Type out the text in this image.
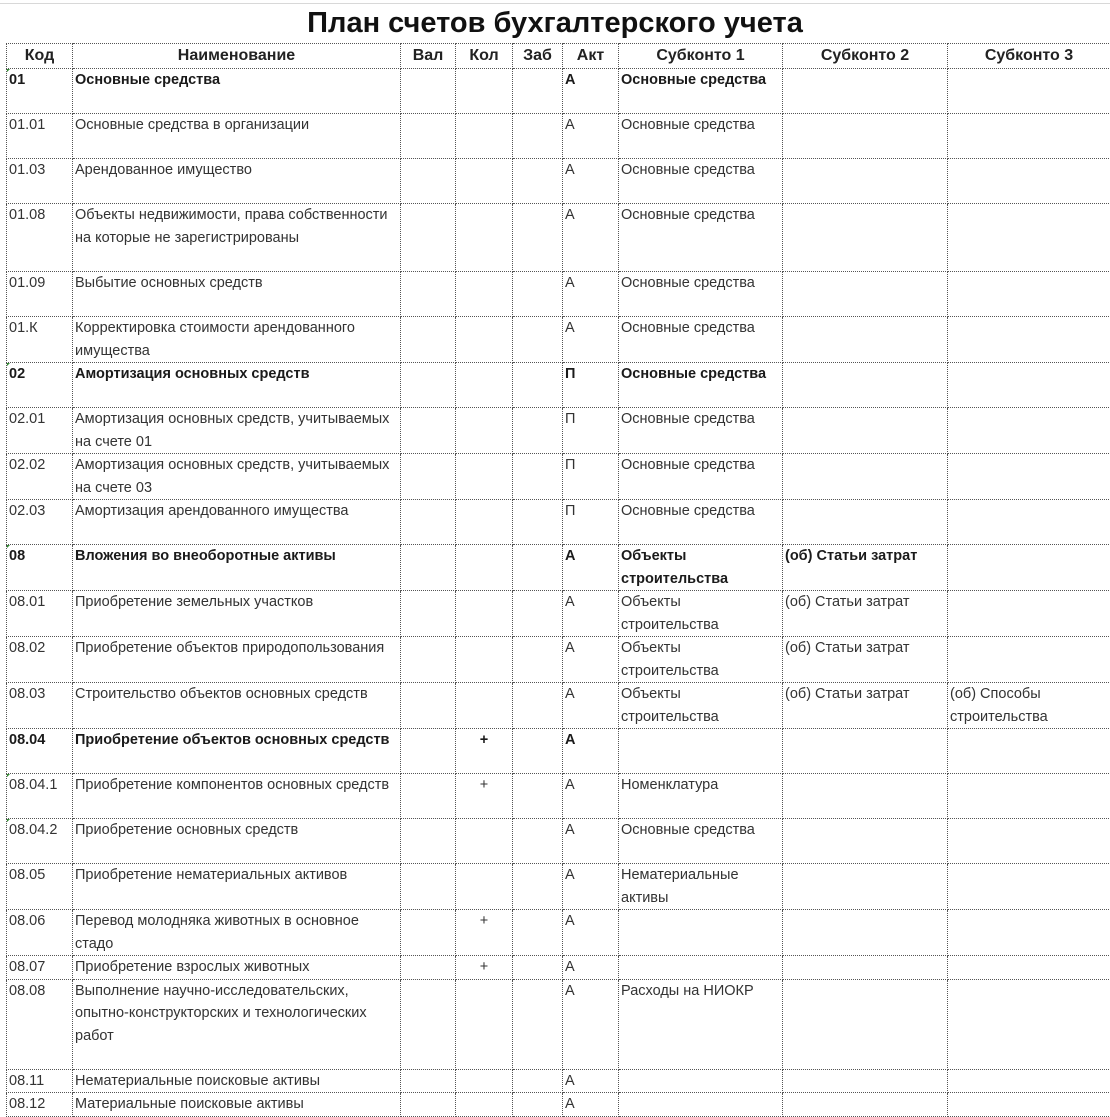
План счетов бухгалтерского учета
Код	Наименование	Вал	Кол	Заб	Акт	Субконто 1	Субконто 2	Субконто 3
01	Основные средства				А	Основные средства		
01.01	Основные средства в организации				А	Основные средства		
01.03	Арендованное имущество				А	Основные средства		
01.08	Объекты недвижимости, права собственности на которые не зарегистрированы				А	Основные средства		
01.09	Выбытие основных средств				А	Основные средства		
01.К	Корректировка стоимости арендованного имущества				А	Основные средства		
02	Амортизация основных средств				П	Основные средства		
02.01	Амортизация основных средств, учитываемых на счете 01				П	Основные средства		
02.02	Амортизация основных средств, учитываемых на счете 03				П	Основные средства		
02.03	Амортизация арендованного имущества				П	Основные средства		
08	Вложения во внеоборотные активы				А	Объекты строительства	(об) Статьи затрат	
08.01	Приобретение земельных участков				А	Объекты строительства	(об) Статьи затрат	
08.02	Приобретение объектов природопользования				А	Объекты строительства	(об) Статьи затрат	
08.03	Строительство объектов основных средств				А	Объекты строительства	(об) Статьи затрат	(об) Способы строительства
08.04	Приобретение объектов основных средств		+		А			
08.04.1	Приобретение компонентов основных средств		+		А	Номенклатура		
08.04.2	Приобретение основных средств				А	Основные средства		
08.05	Приобретение нематериальных активов				А	Нематериальные активы		
08.06	Перевод молодняка животных в основное стадо		+		А			
08.07	Приобретение взрослых животных		+		А			
08.08	Выполнение научно-исследовательских, опытно-конструкторских и технологических работ				А	Расходы на НИОКР		
08.11	Нематериальные поисковые активы				А			
08.12	Материальные поисковые активы				А			
